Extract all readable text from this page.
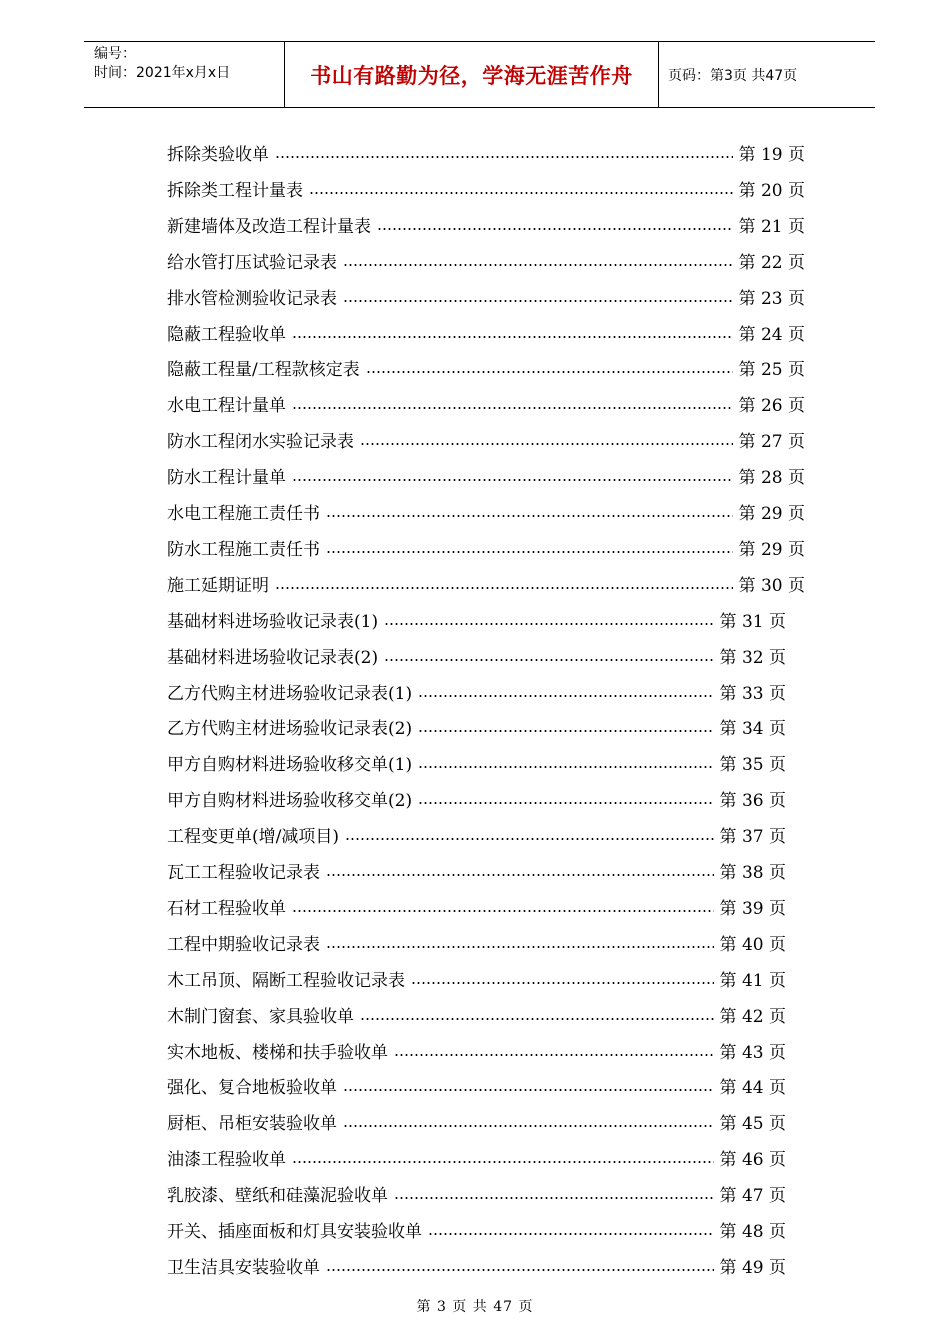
编号：
时间：2021年x月x日	书山有路勤为径，学海无涯苦作舟	页码：第3页 共47页
拆除类验收单	第 19 页
拆除类工程计量表	第 20 页
新建墙体及改造工程计量表	第 21 页
给水管打压试验记录表	第 22 页
排水管检测验收记录表	第 23 页
隐蔽工程验收单	第 24 页
隐蔽工程量/工程款核定表	第 25 页
水电工程计量单	第 26 页
防水工程闭水实验记录表	第 27 页
防水工程计量单	第 28 页
水电工程施工责任书	第 29 页
防水工程施工责任书	第 29 页
施工延期证明	第 30 页
基础材料进场验收记录表(1)	第 31 页
基础材料进场验收记录表(2)	第 32 页
乙方代购主材进场验收记录表(1)	第 33 页
乙方代购主材进场验收记录表(2)	第 34 页
甲方自购材料进场验收移交单(1)	第 35 页
甲方自购材料进场验收移交单(2)	第 36 页
工程变更单(增/减项目)	第 37 页
瓦工工程验收记录表	第 38 页
石材工程验收单	第 39 页
工程中期验收记录表	第 40 页
木工吊顶、隔断工程验收记录表	第 41 页
木制门窗套、家具验收单	第 42 页
实木地板、楼梯和扶手验收单	第 43 页
强化、复合地板验收单	第 44 页
厨柜、吊柜安装验收单	第 45 页
油漆工程验收单	第 46 页
乳胶漆、壁纸和硅藻泥验收单	第 47 页
开关、插座面板和灯具安装验收单	第 48 页
卫生洁具安装验收单	第 49 页
第 3 页 共 47 页
